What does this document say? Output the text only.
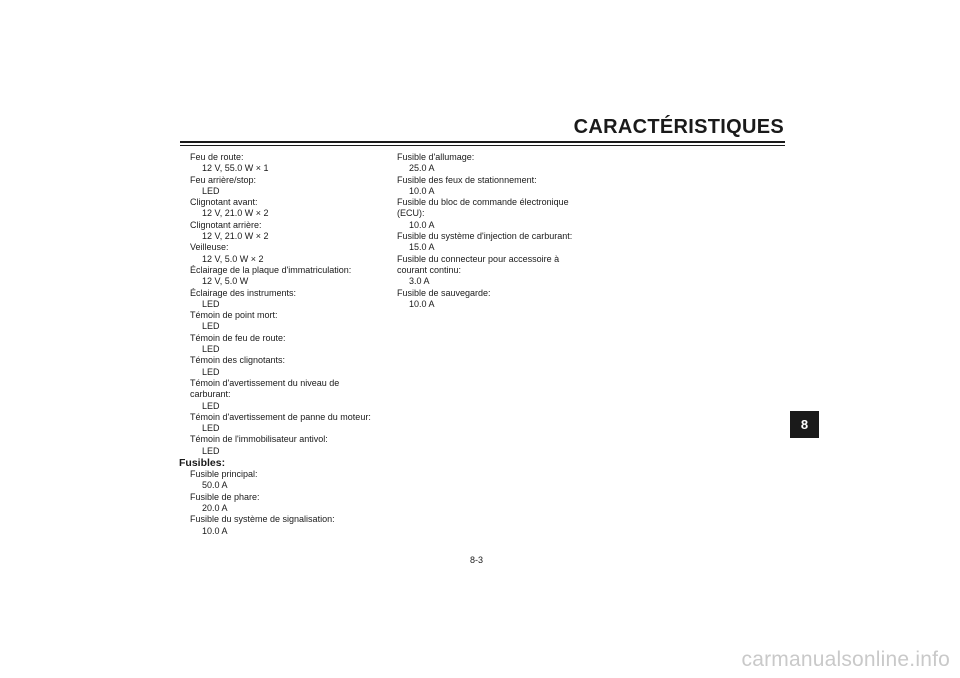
CARACTÉRISTIQUES
Feu de route:
12 V, 55.0 W × 1
Feu arrière/stop:
LED
Clignotant avant:
12 V, 21.0 W × 2
Clignotant arrière:
12 V, 21.0 W × 2
Veilleuse:
12 V, 5.0 W × 2
Éclairage de la plaque d'immatriculation:
12 V, 5.0 W
Éclairage des instruments:
LED
Témoin de point mort:
LED
Témoin de feu de route:
LED
Témoin des clignotants:
LED
Témoin d'avertissement du niveau de
carburant:
LED
Témoin d'avertissement de panne du moteur:
LED
Témoin de l'immobilisateur antivol:
LED
Fusibles:
Fusible principal:
50.0 A
Fusible de phare:
20.0 A
Fusible du système de signalisation:
10.0 A
Fusible d'allumage:
25.0 A
Fusible des feux de stationnement:
10.0 A
Fusible du bloc de commande électronique
(ECU):
10.0 A
Fusible du système d'injection de carburant:
15.0 A
Fusible du connecteur pour accessoire à
courant continu:
3.0 A
Fusible de sauvegarde:
10.0 A
8
8-3
carmanualsonline.info
